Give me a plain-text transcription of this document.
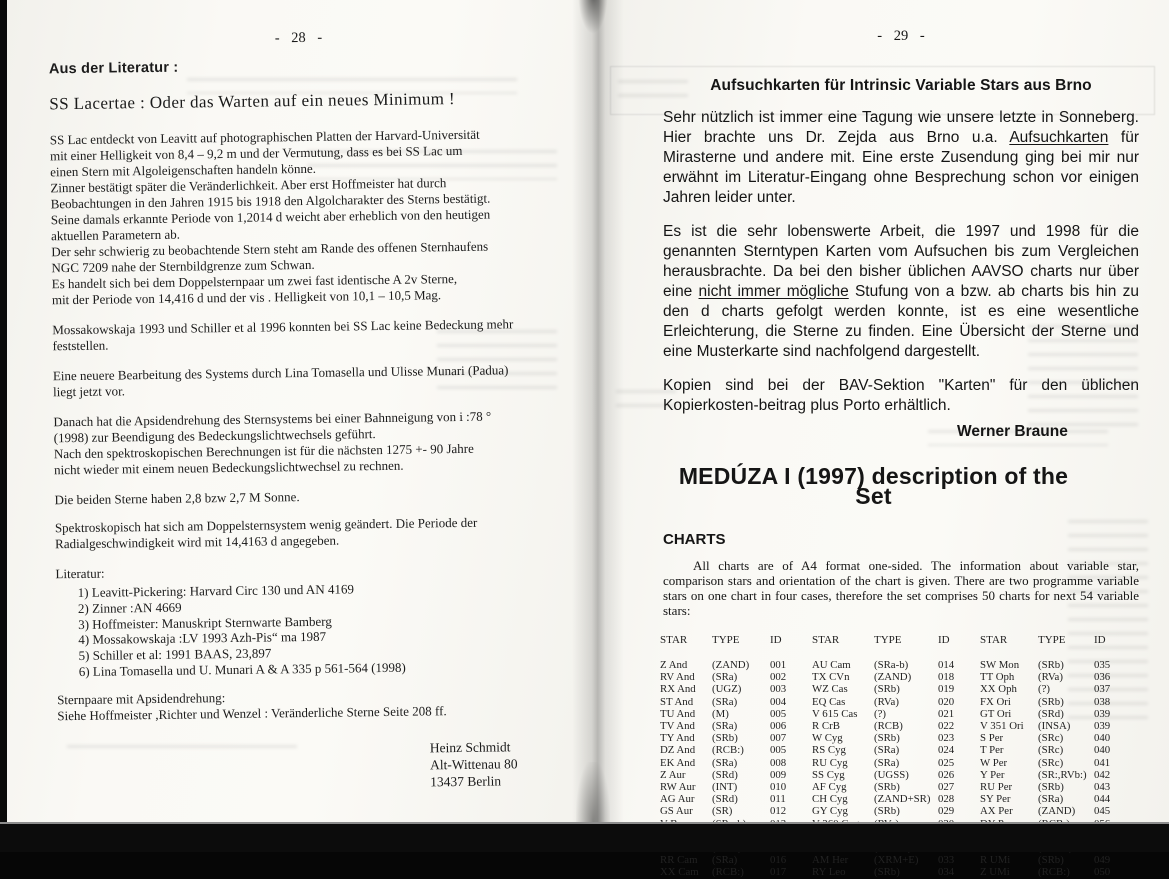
- 28 -
Aus der Literatur :
SS Lacertae : Oder das Warten auf ein neues Minimum !
SS Lac entdeckt von Leavitt auf photographischen Platten der Harvard-Universität
mit einer Helligkeit von 8,4 – 9,2 m und der Vermutung, dass es bei SS Lac um
einen Stern mit Algoleigenschaften handeln könne.
Zinner bestätigt später die Veränderlichkeit. Aber erst Hoffmeister hat durch
Beobachtungen in den Jahren 1915 bis 1918 den Algolcharakter des Sterns bestätigt.
Seine damals erkannte Periode von 1,2014 d weicht aber erheblich von den heutigen
aktuellen Parametern ab.
Der sehr schwierig zu beobachtende Stern steht am Rande des offenen Sternhaufens
NGC 7209 nahe der Sternbildgrenze zum Schwan.
Es handelt sich bei dem Doppelsternpaar um zwei fast identische A 2v Sterne,
mit der Periode von 14,416 d und der vis . Helligkeit von 10,1 – 10,5 Mag.
Mossakowskaja 1993 und Schiller et al 1996 konnten bei SS Lac keine Bedeckung mehr
feststellen.
Eine neuere Bearbeitung des Systems durch Lina Tomasella und Ulisse Munari (Padua)
liegt jetzt vor.
Danach hat die Apsidendrehung des Sternsystems bei einer Bahnneigung von i :78 °
(1998) zur Beendigung des Bedeckungslichtwechsels geführt.
Nach den spektroskopischen Berechnungen ist für die nächsten 1275 +- 90 Jahre
nicht wieder mit einem neuen Bedeckungslichtwechsel zu rechnen.
Die beiden Sterne haben 2,8 bzw 2,7 M Sonne.
Spektroskopisch hat sich am Doppelsternsystem wenig geändert. Die Periode der
Radialgeschwindigkeit wird mit 14,4163 d angegeben.
Literatur:
1) Leavitt-Pickering: Harvard Circ 130 und AN 4169
2) Zinner :AN 4669
3) Hoffmeister: Manuskript Sternwarte Bamberg
4) Mossakowskaja :LV 1993 Azh-Pis“ ma 1987
5) Schiller et al: 1991 BAAS, 23,897
6) Lina Tomasella und U. Munari A & A 335 p 561-564 (1998)
Sternpaare mit Apsidendrehung:
Siehe Hoffmeister ,Richter und Wenzel : Veränderliche Sterne Seite 208 ff.
Heinz Schmidt
Alt-Wittenau 80
13437 Berlin
- 29 -
Aufsuchkarten für Intrinsic Variable Stars aus Brno
Sehr nützlich ist immer eine Tagung wie unsere letzte in Sonneberg. Hier brachte uns Dr. Zejda aus Brno u.a. Aufsuchkarten für Mirasterne und andere mit. Eine erste Zusendung ging bei mir nur erwähnt im Literatur-Eingang ohne Besprechung schon vor einigen Jahren leider unter.
Es ist die sehr lobenswerte Arbeit, die 1997 und 1998 für die genannten Sterntypen Karten vom Aufsuchen bis zum Vergleichen herausbrachte. Da bei den bisher üblichen AAVSO charts nur über eine nicht immer mögliche Stufung von a bzw. ab charts bis hin zu den d charts gefolgt werden konnte, ist es eine wesentliche Erleichterung, die Sterne zu finden. Eine Übersicht der Sterne und eine Musterkarte sind nachfolgend dargestellt.
Kopien sind bei der BAV-Sektion "Karten" für den üblichen Kopierkosten-beitrag plus Porto erhältlich.
Werner Braune
MEDÚZA I (1997) description of the Set
CHARTS
All charts are of A4 format one-sided. The information about variable star, comparison stars and orientation of the chart is given. There are two programme variable stars on one chart in four cases, therefore the set comprises 50 charts for next 54 variable stars:
STAR	TYPE	ID	STAR	TYPE	ID	STAR	TYPE	ID
Z And	(ZAND)	001	AU Cam	(SRa-b)	014	SW Mon	(SRb)	035
RV And	(SRa)	002	TX CVn	(ZAND)	018	TT Oph	(RVa)	036
RX And	(UGZ)	003	WZ Cas	(SRb)	019	XX Oph	(?)	037
ST And	(SRa)	004	EQ Cas	(RVa)	020	FX Ori	(SRb)	038
TU And	(M)	005	V 615 Cas	(?)	021	GT Ori	(SRd)	039
TV And	(SRa)	006	R CrB	(RCB)	022	V 351 Ori	(INSA)	039
TY And	(SRb)	007	W Cyg	(SRb)	023	S Per	(SRc)	040
DZ And	(RCB:)	005	RS Cyg	(SRa)	024	T Per	(SRc)	040
EK And	(SRa)	008	RU Cyg	(SRa)	025	W Per	(SRc)	041
Z Aur	(SRd)	009	SS Cyg	(UGSS)	026	Y Per	(SR:,RVb:)	042
RW Aur	(INT)	010	AF Cyg	(SRb)	027	RU Per	(SRb)	043
AG Aur	(SRd)	011	CH Cyg	(ZAND+SR)	028	SY Per	(SRa)	044
GS Aur	(SR)	012	GY Cyg	(SRb)	029	AX Per	(ZAND)	045

RR Cam	(SRa)	016	AM Her	(XRM+E)	033	R UMi	(SRb)	049
XX Cam	(RCB:)	017	RY Leo	(SRb)	034	Z UMi	(RCB:)	050
